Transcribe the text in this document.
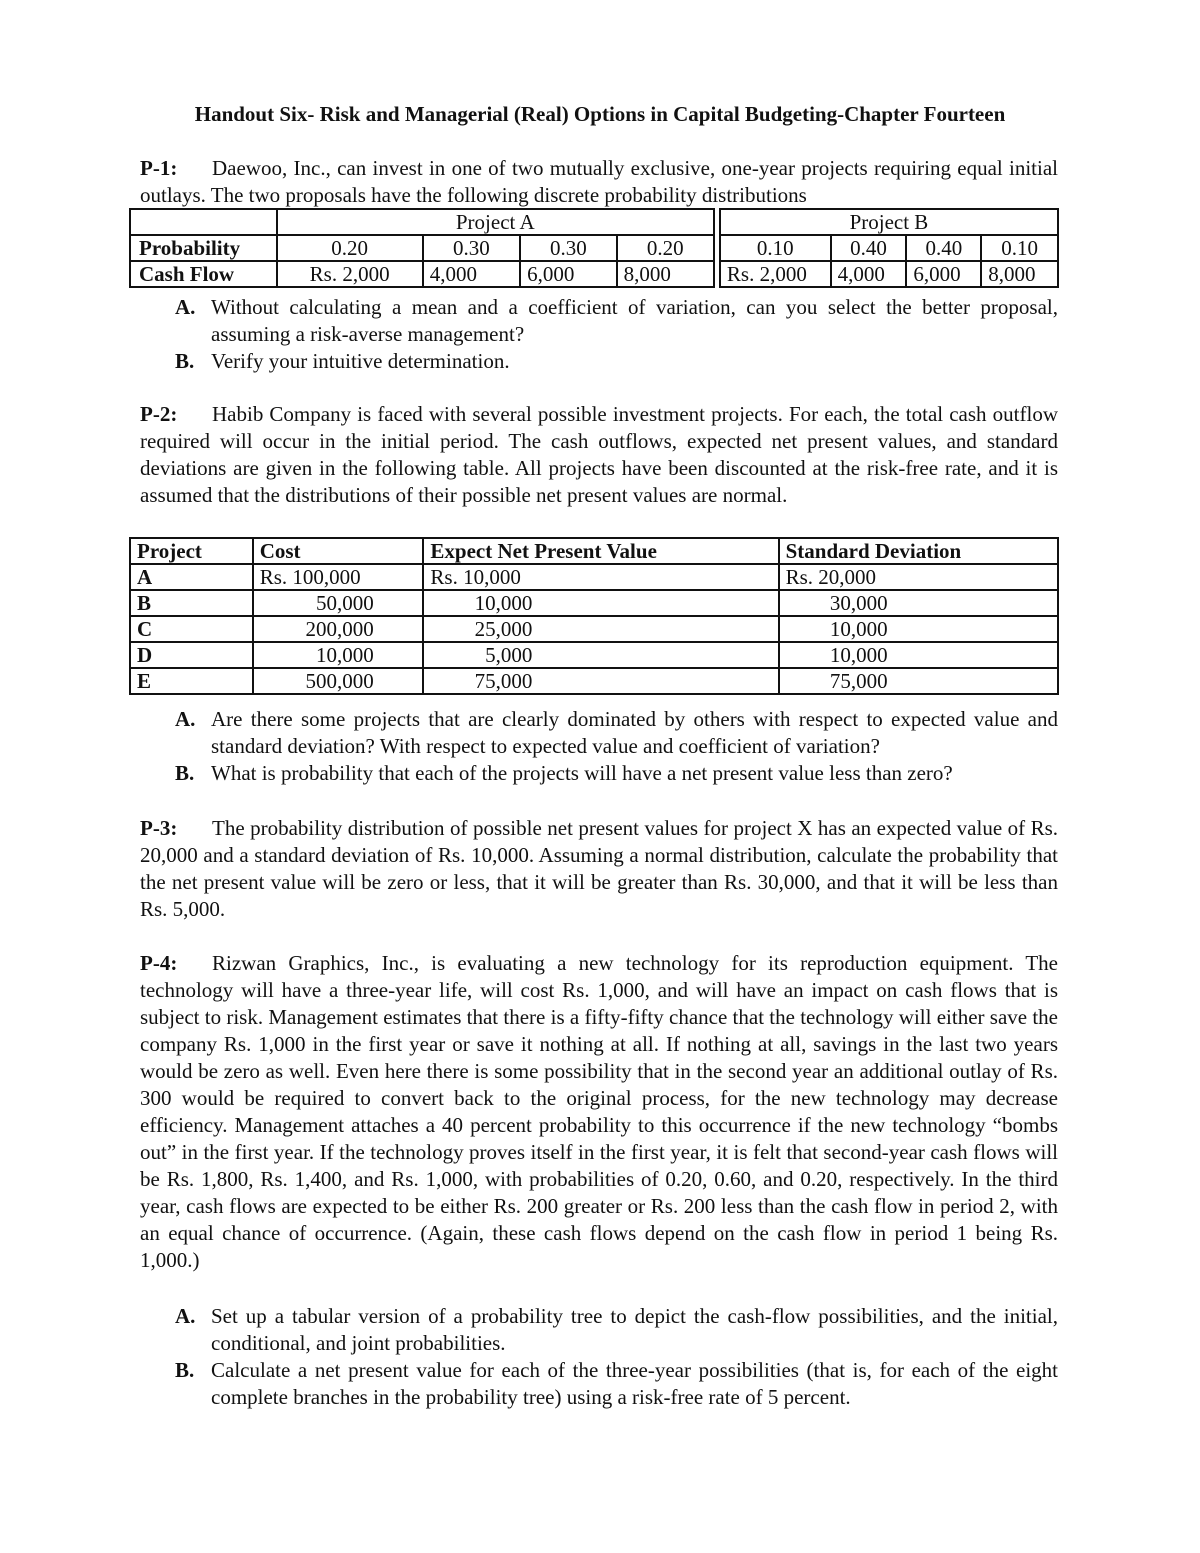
Handout Six- Risk and Managerial (Real) Options in Capital Budgeting-Chapter Fourteen
P-1: Daewoo, Inc., can invest in one of two mutually exclusive, one-year projects requiring equal initial outlays. The two proposals have the following discrete probability distributions
	Project A					Project B			
Probability	0.20	0.30	0.30	0.20		0.10	0.40	0.40	0.10
Cash Flow	Rs. 2,000	4,000	6,000	8,000		Rs. 2,000	4,000	6,000	8,000
A. Without calculating a mean and a coefficient of variation, can you select the better proposal, assuming a risk-averse management?
B. Verify your intuitive determination.
P-2: Habib Company is faced with several possible investment projects. For each, the total cash outflow required will occur in the initial period. The cash outflows, expected net present values, and standard deviations are given in the following table. All projects have been discounted at the risk-free rate, and it is assumed that the distributions of their possible net present values are normal.
Project	Cost	Expect Net Present Value	Standard Deviation
A	Rs. 100,000	Rs. 10,000	Rs. 20,000
B	50,000	10,000	30,000
C	200,000	25,000	10,000
D	10,000	5,000	10,000
E	500,000	75,000	75,000
A. Are there some projects that are clearly dominated by others with respect to expected value and standard deviation? With respect to expected value and coefficient of variation?
B. What is probability that each of the projects will have a net present value less than zero?
P-3: The probability distribution of possible net present values for project X has an expected value of Rs. 20,000 and a standard deviation of Rs. 10,000. Assuming a normal distribution, calculate the probability that the net present value will be zero or less, that it will be greater than Rs. 30,000, and that it will be less than Rs. 5,000.
P-4: Rizwan Graphics, Inc., is evaluating a new technology for its reproduction equipment. The technology will have a three-year life, will cost Rs. 1,000, and will have an impact on cash flows that is subject to risk. Management estimates that there is a fifty-fifty chance that the technology will either save the company Rs. 1,000 in the first year or save it nothing at all. If nothing at all, savings in the last two years would be zero as well. Even here there is some possibility that in the second year an additional outlay of Rs. 300 would be required to convert back to the original process, for the new technology may decrease efficiency. Management attaches a 40 percent probability to this occurrence if the new technology “bombs out” in the first year. If the technology proves itself in the first year, it is felt that second-year cash flows will be Rs. 1,800, Rs. 1,400, and Rs. 1,000, with probabilities of 0.20, 0.60, and 0.20, respectively. In the third year, cash flows are expected to be either Rs. 200 greater or Rs. 200 less than the cash flow in period 2, with an equal chance of occurrence. (Again, these cash flows depend on the cash flow in period 1 being Rs. 1,000.)
A. Set up a tabular version of a probability tree to depict the cash-flow possibilities, and the initial, conditional, and joint probabilities.
B. Calculate a net present value for each of the three-year possibilities (that is, for each of the eight complete branches in the probability tree) using a risk-free rate of 5 percent.
